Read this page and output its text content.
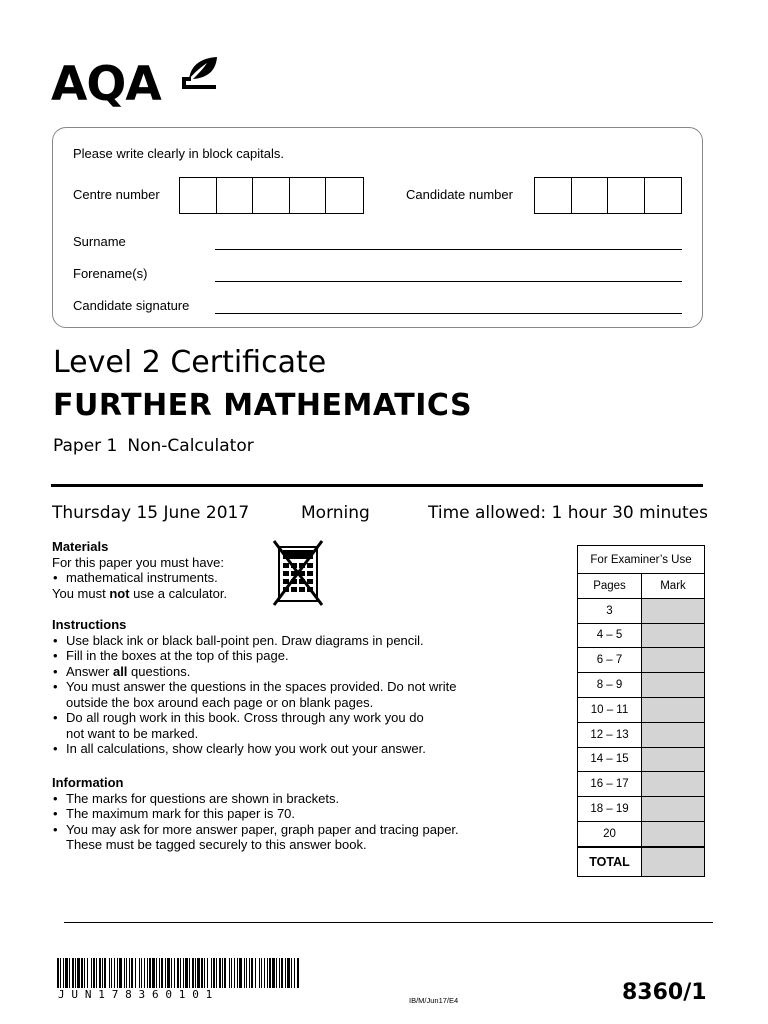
AQA
Please write clearly in block capitals.
Centre number	Candidate number
Surname
Forename(s)
Candidate signature
Level 2 Certificate
FURTHER MATHEMATICS
Paper 1 Non-Calculator
Thursday 15 June 2017	Morning	Time allowed: 1 hour 30 minutes
Materials
For this paper you must have:
• mathematical instruments.
You must not use a calculator.
Instructions
• Use black ink or black ball-point pen. Draw diagrams in pencil.
• Fill in the boxes at the top of this page.
• Answer all questions.
• You must answer the questions in the spaces provided. Do not write
outside the box around each page or on blank pages.
• Do all rough work in this book. Cross through any work you do
not want to be marked.
• In all calculations, show clearly how you work out your answer.
Information
• The marks for questions are shown in brackets.
• The maximum mark for this paper is 70.
• You may ask for more answer paper, graph paper and tracing paper.
These must be tagged securely to this answer book.
For Examiner’s Use
Pages	Mark
3
4 – 5
6 – 7
8 – 9
10 – 11
12 – 13
14 – 15
16 – 17
18 – 19
20
TOTAL
JUN178360101	IB/M/Jun17/E4	8360/1
